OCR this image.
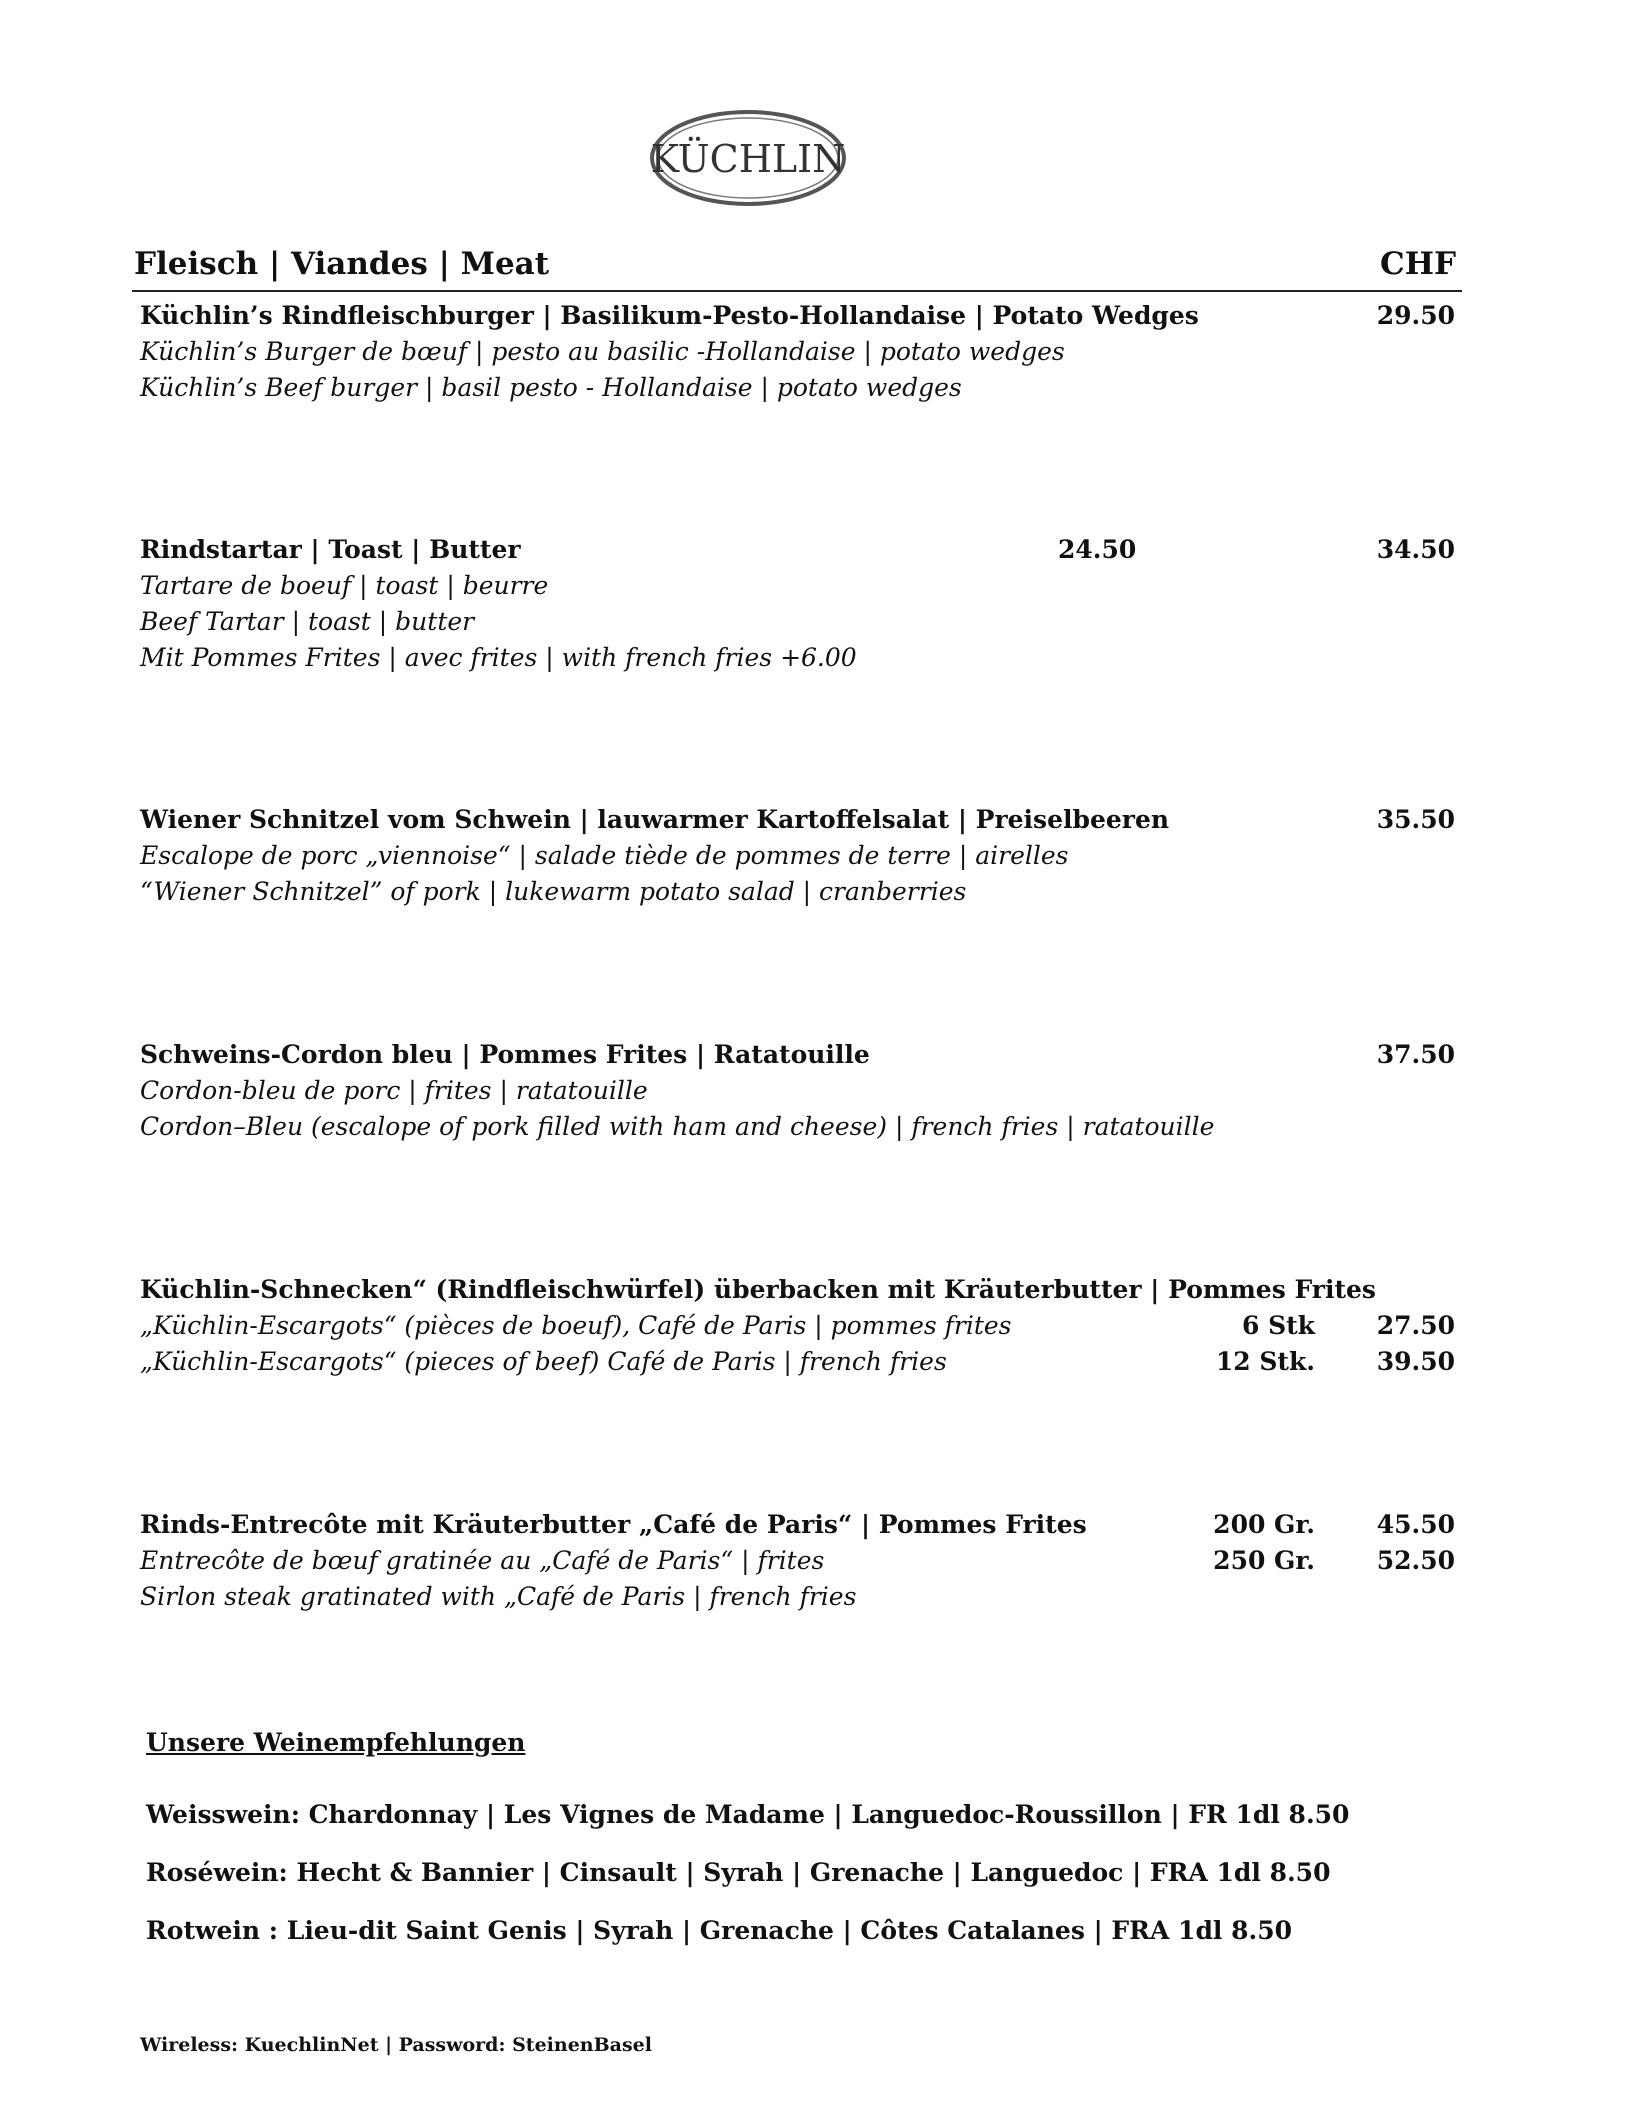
KÜCHLIN
Fleisch | Viandes | Meat	CHF
Küchlin’s Rindfleischburger | Basilikum-Pesto-Hollandaise | Potato Wedges	29.50
Küchlin’s Burger de bœuf | pesto au basilic -Hollandaise | potato wedges
Küchlin’s Beef burger | basil pesto - Hollandaise | potato wedges
Rindstartar | Toast | Butter	24.50	34.50
Tartare de boeuf | toast | beurre
Beef Tartar | toast | butter
Mit Pommes Frites | avec frites | with french fries +6.00
Wiener Schnitzel vom Schwein | lauwarmer Kartoffelsalat | Preiselbeeren	35.50
Escalope de porc „viennoise“ | salade tiède de pommes de terre | airelles
“Wiener Schnitzel” of pork | lukewarm potato salad | cranberries
Schweins-Cordon bleu | Pommes Frites | Ratatouille	37.50
Cordon-bleu de porc | frites | ratatouille
Cordon–Bleu (escalope of pork filled with ham and cheese) | french fries | ratatouille
Küchlin-Schnecken“ (Rindfleischwürfel) überbacken mit Kräuterbutter | Pommes Frites
„Küchlin-Escargots“ (pièces de boeuf), Café de Paris | pommes frites	6 Stk 27.50
„Küchlin-Escargots“ (pieces of beef) Café de Paris | french fries	12 Stk. 39.50
Rinds-Entrecôte mit Kräuterbutter „Café de Paris“ | Pommes Frites	200 Gr. 45.50
Entrecôte de bœuf gratinée au „Café de Paris“ | frites	250 Gr. 52.50
Sirlon steak gratinated with „Café de Paris | french fries
Unsere Weinempfehlungen
Weisswein: Chardonnay | Les Vignes de Madame | Languedoc-Roussillon | FR 1dl 8.50
Roséwein: Hecht & Bannier | Cinsault | Syrah | Grenache | Languedoc | FRA 1dl 8.50
Rotwein : Lieu-dit Saint Genis | Syrah | Grenache | Côtes Catalanes | FRA 1dl 8.50
Wireless: KuechlinNet | Password: SteinenBasel
